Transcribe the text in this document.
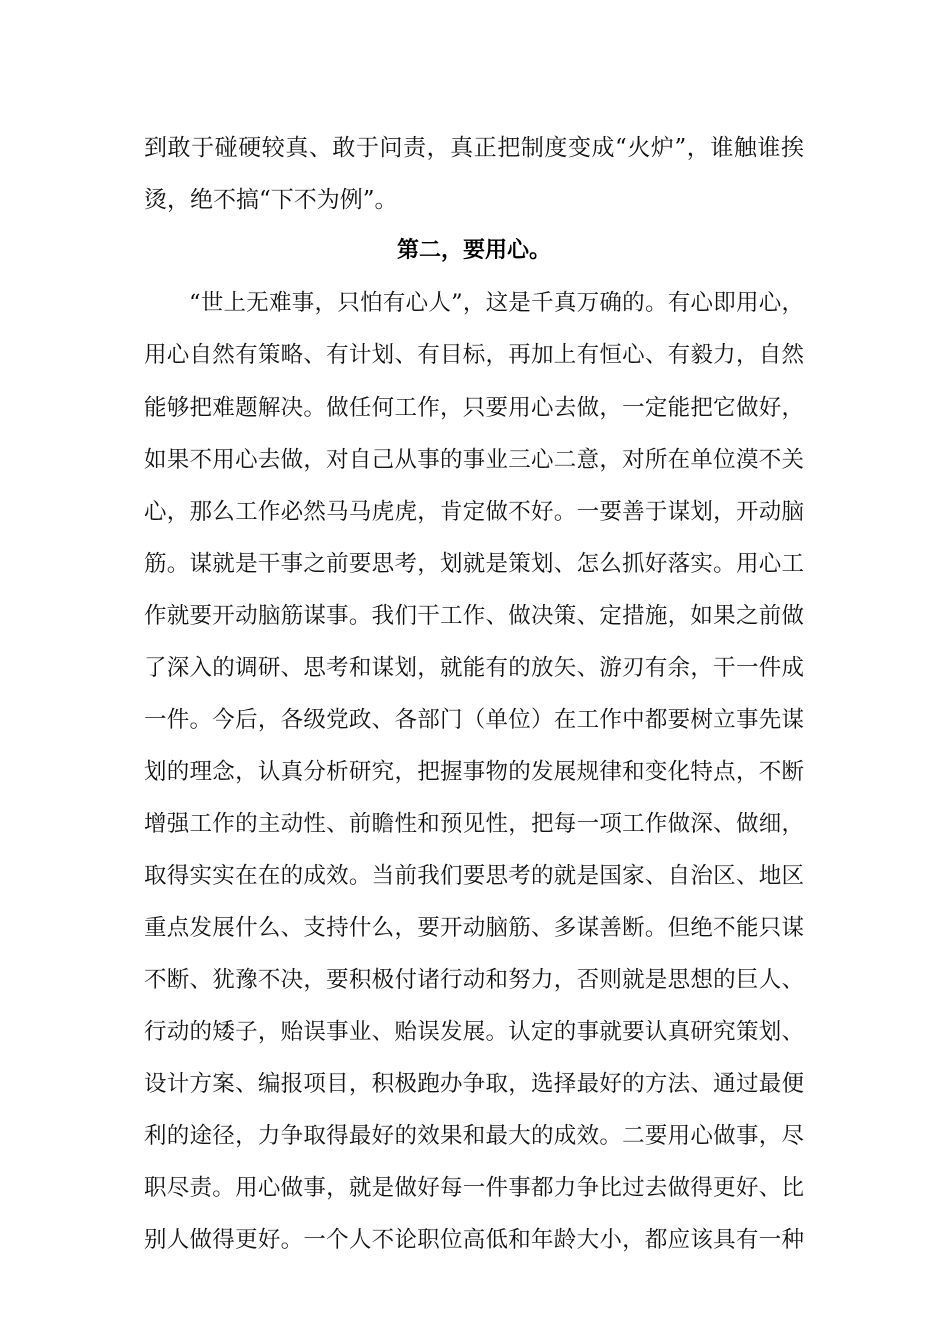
到敢于碰硬较真、敢于问责，真正把制度变成“火炉”，谁触谁挨
烫，绝不搞“下不为例”。
第二，要用心。
“世上无难事，只怕有心人”，这是千真万确的。有心即用心，
用心自然有策略、有计划、有目标，再加上有恒心、有毅力，自然
能够把难题解决。做任何工作，只要用心去做，一定能把它做好，
如果不用心去做，对自己从事的事业三心二意，对所在单位漠不关
心，那么工作必然马马虎虎，肯定做不好。一要善于谋划，开动脑
筋。谋就是干事之前要思考，划就是策划、怎么抓好落实。用心工
作就要开动脑筋谋事。我们干工作、做决策、定措施，如果之前做
了深入的调研、思考和谋划，就能有的放矢、游刃有余，干一件成
一件。今后，各级党政、各部门（单位）在工作中都要树立事先谋
划的理念，认真分析研究，把握事物的发展规律和变化特点，不断
增强工作的主动性、前瞻性和预见性，把每一项工作做深、做细，
取得实实在在的成效。当前我们要思考的就是国家、自治区、地区
重点发展什么、支持什么，要开动脑筋、多谋善断。但绝不能只谋
不断、犹豫不决，要积极付诸行动和努力，否则就是思想的巨人、
行动的矮子，贻误事业、贻误发展。认定的事就要认真研究策划、
设计方案、编报项目，积极跑办争取，选择最好的方法、通过最便
利的途径，力争取得最好的效果和最大的成效。二要用心做事，尽
职尽责。用心做事，就是做好每一件事都力争比过去做得更好、比
别人做得更好。一个人不论职位高低和年龄大小，都应该具有一种
